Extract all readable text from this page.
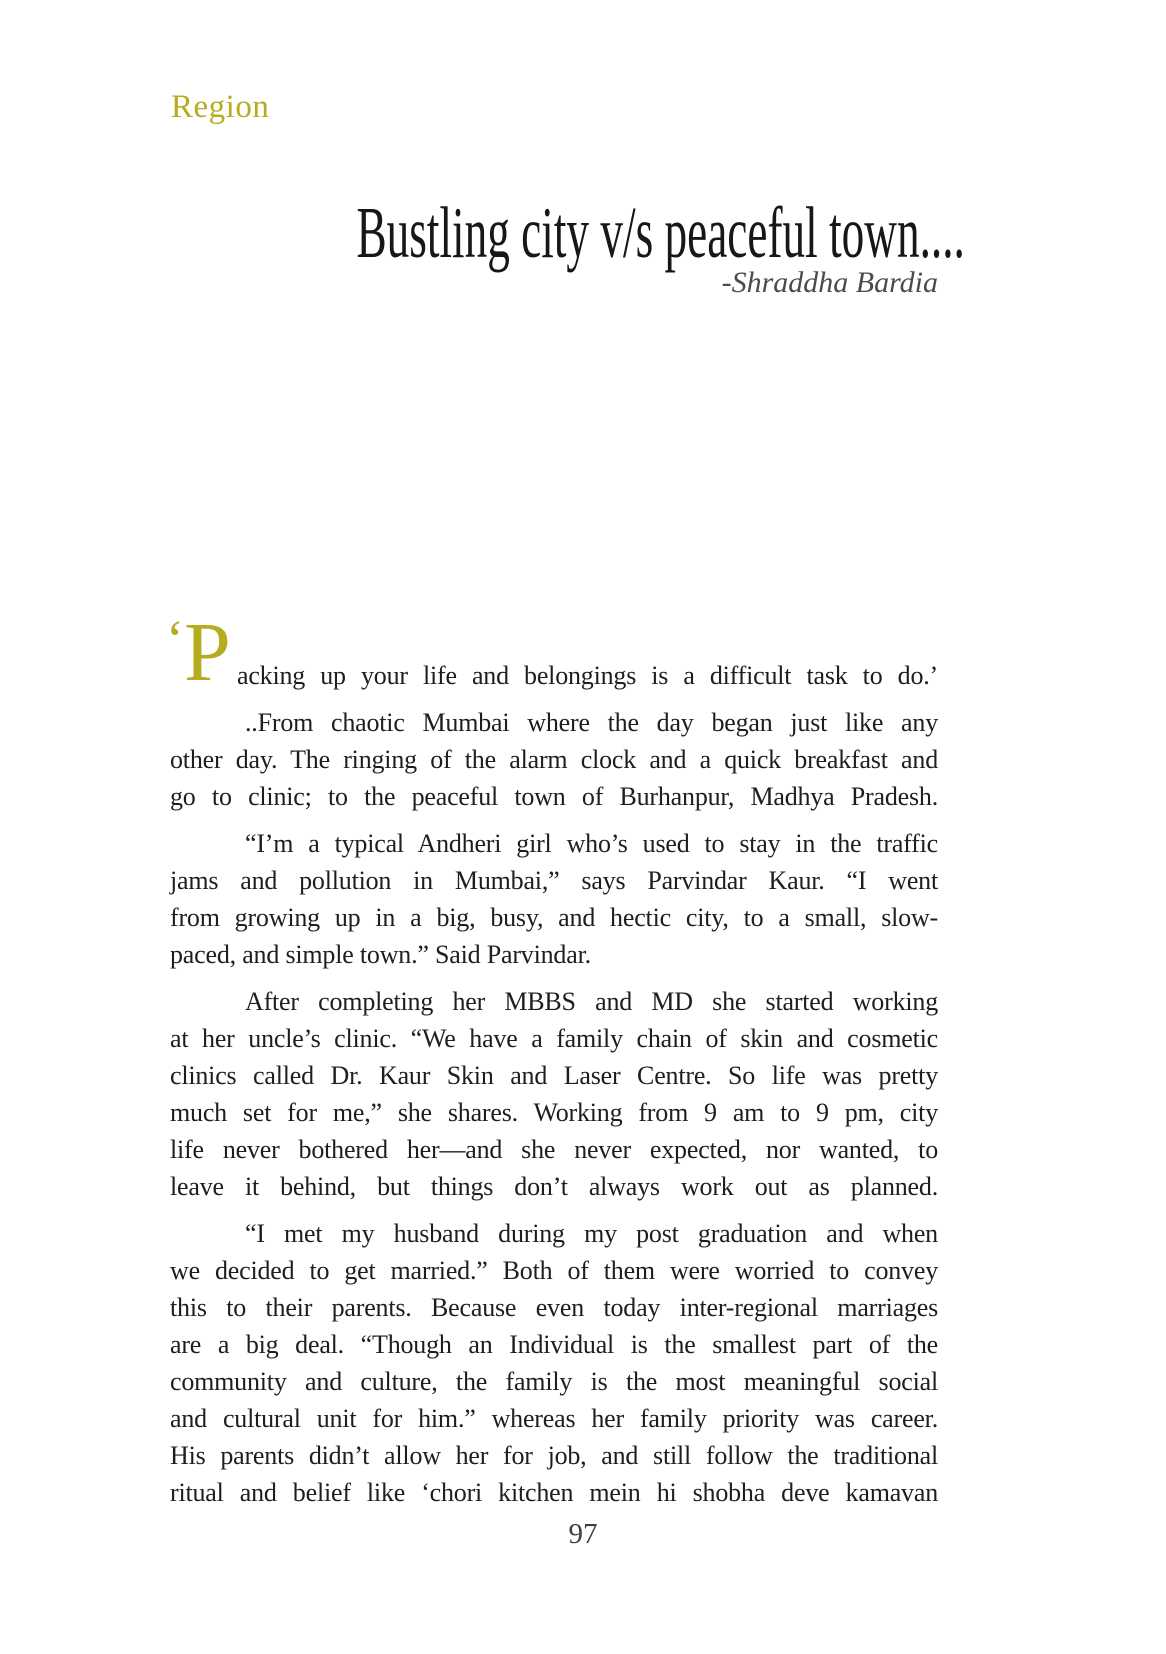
Region
Bustling city v/s peaceful town....
-Shraddha Bardia
‘ P acking up your life and belongings is a difficult task to do.’
..From chaotic Mumbai where the day began just like any
other day. The ringing of the alarm clock and a quick breakfast and
go to clinic; to the peaceful town of Burhanpur, Madhya Pradesh.
“I’m a typical Andheri girl who’s used to stay in the traffic
jams and pollution in Mumbai,” says Parvindar Kaur. “I went
from growing up in a big, busy, and hectic city, to a small, slow-
paced, and simple town.” Said Parvindar.
After completing her MBBS and MD she started working
at her uncle’s clinic. “We have a family chain of skin and cosmetic
clinics called Dr. Kaur Skin and Laser Centre. So life was pretty
much set for me,” she shares. Working from 9 am to 9 pm, city
life never bothered her—and she never expected, nor wanted, to
leave it behind, but things don’t always work out as planned.
“I met my husband during my post graduation and when
we decided to get married.” Both of them were worried to convey
this to their parents. Because even today inter-regional marriages
are a big deal. “Though an Individual is the smallest part of the
community and culture, the family is the most meaningful social
and cultural unit for him.” whereas her family priority was career.
His parents didn’t allow her for job, and still follow the traditional
ritual and belief like ‘chori kitchen mein hi shobha deve kamavan
97
